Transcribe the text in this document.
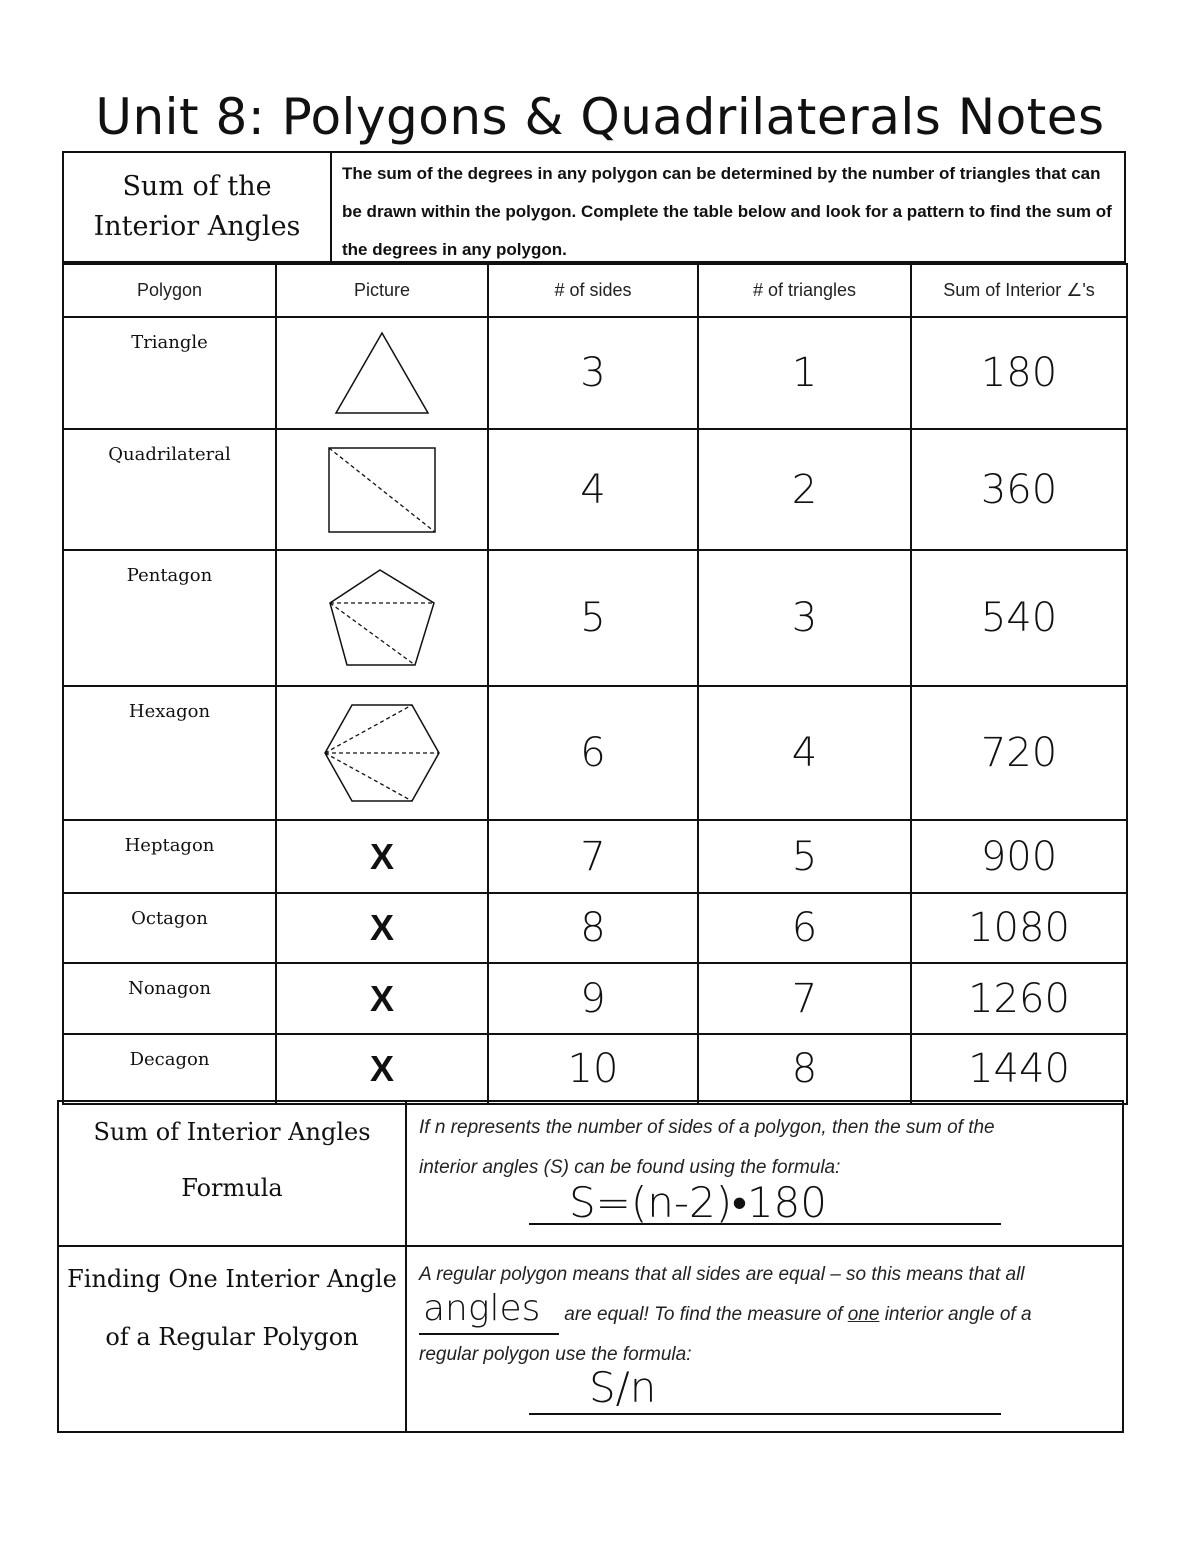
Unit 8: Polygons & Quadrilaterals Notes
Sum of the
Interior Angles
The sum of the degrees in any polygon can be determined by the number of triangles that can be drawn within the polygon. Complete the table below and look for a pattern to find the sum of the degrees in any polygon.
Polygon	Picture	# of sides	# of triangles	Sum of Interior ∠'s
Triangle		3	1	180
Quadrilateral		4	2	360
Pentagon		5	3	540
Hexagon		6	4	720
Heptagon	X	7	5	900
Octagon	X	8	6	1080
Nonagon	X	9	7	1260
Decagon	X	10	8	1440
Sum of Interior Angles
Formula
If n represents the number of sides of a polygon, then the sum of the
interior angles (S) can be found using the formula:
S=(n-2)•180
Finding One Interior Angle
of a Regular Polygon
A regular polygon means that all sides are equal – so this means that all
angles are equal! To find the measure of one interior angle of a
regular polygon use the formula:
S/n
